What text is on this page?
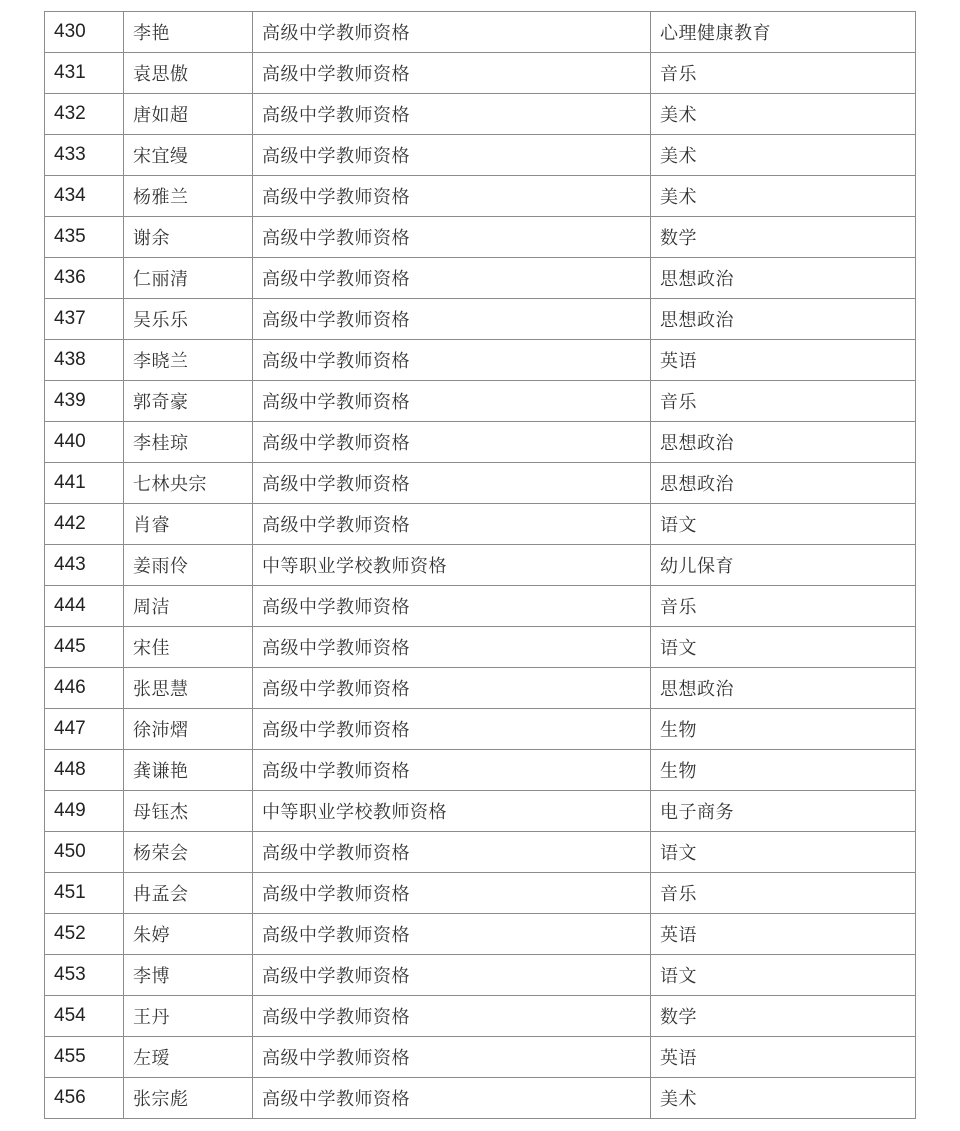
430	李艳	高级中学教师资格	心理健康教育
431	袁思傲	高级中学教师资格	音乐
432	唐如超	高级中学教师资格	美术
433	宋宜缦	高级中学教师资格	美术
434	杨雅兰	高级中学教师资格	美术
435	谢余	高级中学教师资格	数学
436	仁丽清	高级中学教师资格	思想政治
437	吴乐乐	高级中学教师资格	思想政治
438	李晓兰	高级中学教师资格	英语
439	郭奇豪	高级中学教师资格	音乐
440	李桂琼	高级中学教师资格	思想政治
441	七林央宗	高级中学教师资格	思想政治
442	肖睿	高级中学教师资格	语文
443	姜雨伶	中等职业学校教师资格	幼儿保育
444	周洁	高级中学教师资格	音乐
445	宋佳	高级中学教师资格	语文
446	张思慧	高级中学教师资格	思想政治
447	徐沛熠	高级中学教师资格	生物
448	龚谦艳	高级中学教师资格	生物
449	母钰杰	中等职业学校教师资格	电子商务
450	杨荣会	高级中学教师资格	语文
451	冉孟会	高级中学教师资格	音乐
452	朱婷	高级中学教师资格	英语
453	李博	高级中学教师资格	语文
454	王丹	高级中学教师资格	数学
455	左瑷	高级中学教师资格	英语
456	张宗彪	高级中学教师资格	美术
